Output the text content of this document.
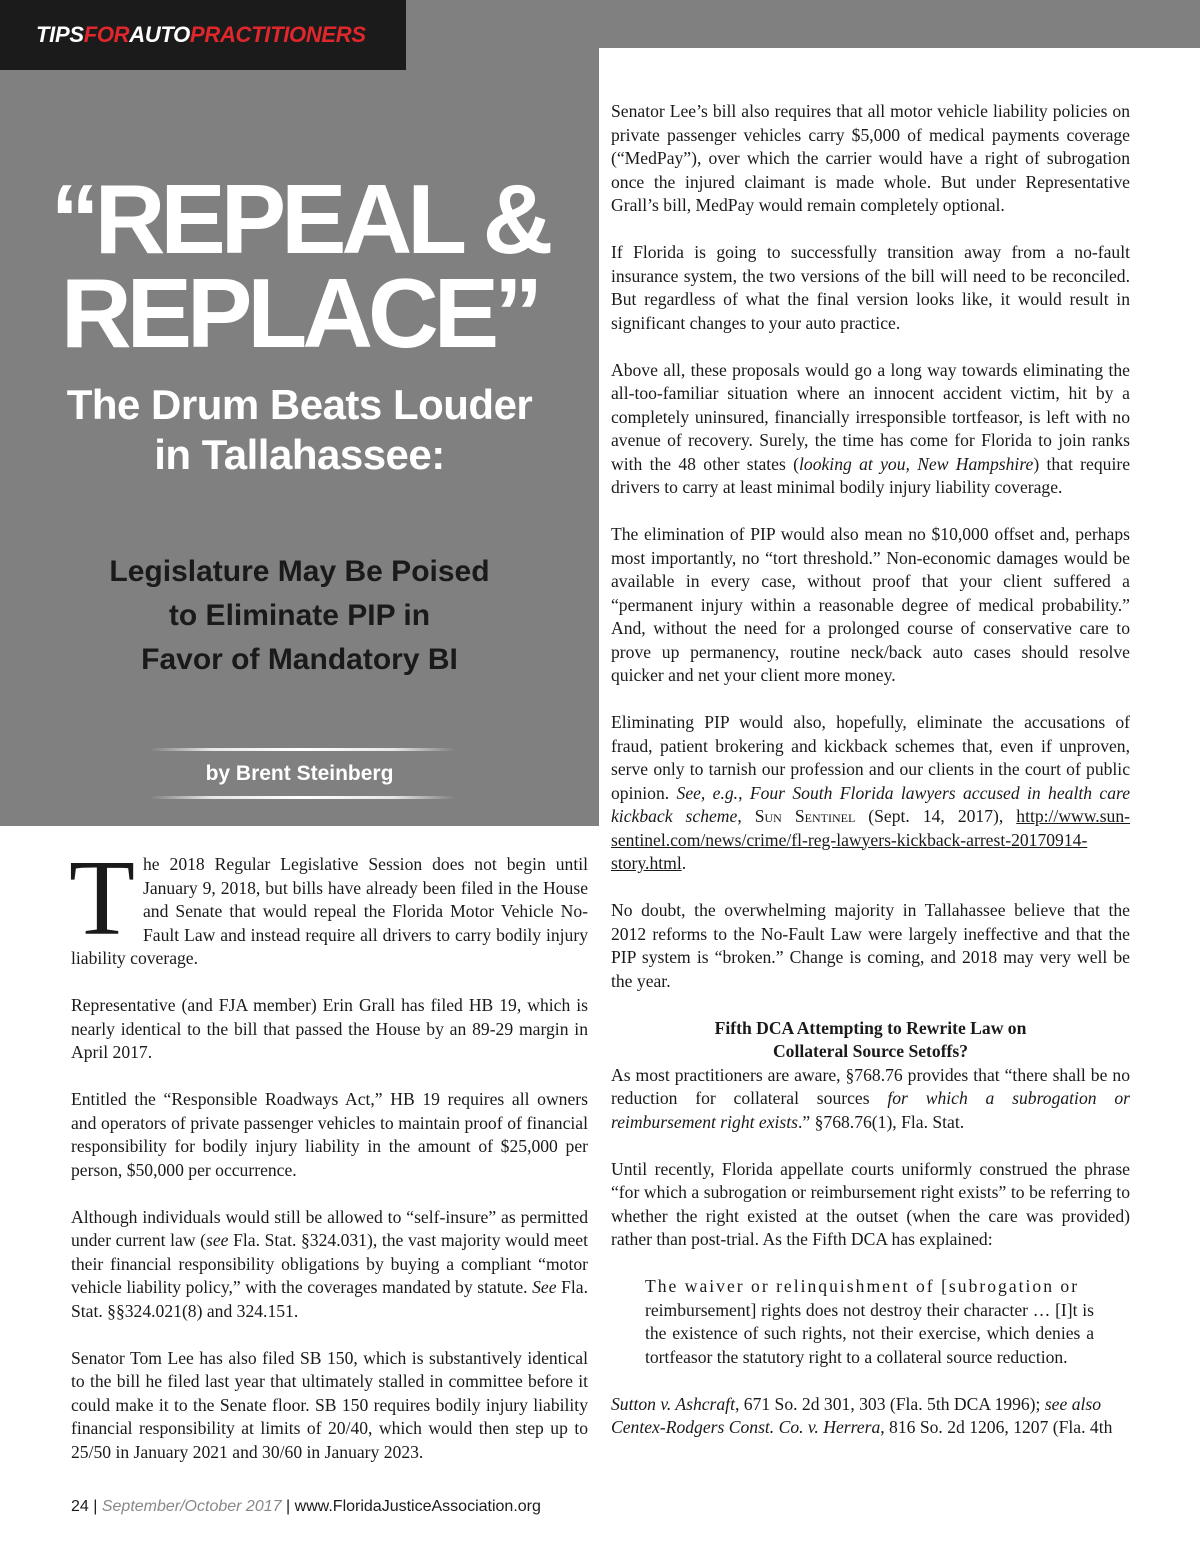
TIPSFORAUTOPRACTITIONERS
“REPEAL &
REPLACE”
The Drum Beats Louder
in Tallahassee:
Legislature May Be Poised
to Eliminate PIP in
Favor of Mandatory BI
by Brent Steinberg

The 2018 Regular Legislative Session does not begin until January 9, 2018, but bills have already been filed in the House and Senate that would repeal the Florida Motor Vehicle No-Fault Law and instead require all drivers to carry bodily injury liability coverage.

Representative (and FJA member) Erin Grall has filed HB 19, which is nearly identical to the bill that passed the House by an 89-29 margin in April 2017.

Entitled the “Responsible Roadways Act,” HB 19 requires all owners and operators of private passenger vehicles to maintain proof of financial responsibility for bodily injury liability in the amount of $25,000 per person, $50,000 per occurrence.

Although individuals would still be allowed to “self-insure” as permitted under current law (see Fla. Stat. §324.031), the vast majority would meet their financial responsibility obligations by buying a compliant “motor vehicle liability policy,” with the coverages mandated by statute. See Fla. Stat. §§324.021(8) and 324.151.

Senator Tom Lee has also filed SB 150, which is substantively identical to the bill he filed last year that ultimately stalled in committee before it could make it to the Senate floor. SB 150 requires bodily injury liability financial responsibility at limits of 20/40, which would then step up to 25/50 in January 2021 and 30/60 in January 2023.

Senator Lee’s bill also requires that all motor vehicle liability policies on private passenger vehicles carry $5,000 of medical payments coverage (“MedPay”), over which the carrier would have a right of subrogation once the injured claimant is made whole. But under Representative Grall’s bill, MedPay would remain completely optional.

If Florida is going to successfully transition away from a no-fault insurance system, the two versions of the bill will need to be reconciled. But regardless of what the final version looks like, it would result in significant changes to your auto practice.

Above all, these proposals would go a long way towards eliminating the all-too-familiar situation where an innocent accident victim, hit by a completely uninsured, financially irresponsible tortfeasor, is left with no avenue of recovery. Surely, the time has come for Florida to join ranks with the 48 other states (looking at you, New Hampshire) that require drivers to carry at least minimal bodily injury liability coverage.

The elimination of PIP would also mean no $10,000 offset and, perhaps most importantly, no “tort threshold.” Non-economic damages would be available in every case, without proof that your client suffered a “permanent injury within a reasonable degree of medical probability.” And, without the need for a prolonged course of conservative care to prove up permanency, routine neck/back auto cases should resolve quicker and net your client more money.

Eliminating PIP would also, hopefully, eliminate the accusations of fraud, patient brokering and kickback schemes that, even if unproven, serve only to tarnish our profession and our clients in the court of public opinion. See, e.g., Four South Florida lawyers accused in health care kickback scheme, Sun Sentinel (Sept. 14, 2017), http://www.sun-sentinel.com/news/crime/fl-reg-lawyers-kickback-arrest-20170914-story.html.

No doubt, the overwhelming majority in Tallahassee believe that the 2012 reforms to the No-Fault Law were largely ineffective and that the PIP system is “broken.” Change is coming, and 2018 may very well be the year.

Fifth DCA Attempting to Rewrite Law on
Collateral Source Setoffs?

As most practitioners are aware, §768.76 provides that “there shall be no reduction for collateral sources for which a subrogation or reimbursement right exists.” §768.76(1), Fla. Stat.

Until recently, Florida appellate courts uniformly construed the phrase “for which a subrogation or reimbursement right exists” to be referring to whether the right existed at the outset (when the care was provided) rather than post-trial. As the Fifth DCA has explained:

The waiver or relinquishment of [subrogation or
reimbursement] rights does not destroy their character … [I]t is the existence of such rights, not their exercise, which denies a tortfeasor the statutory right to a collateral source reduction.

Sutton v. Ashcraft, 671 So. 2d 301, 303 (Fla. 5th DCA 1996); see also
Centex-Rodgers Const. Co. v. Herrera, 816 So. 2d 1206, 1207 (Fla. 4th

24 | September/October 2017 | www.FloridaJusticeAssociation.org
